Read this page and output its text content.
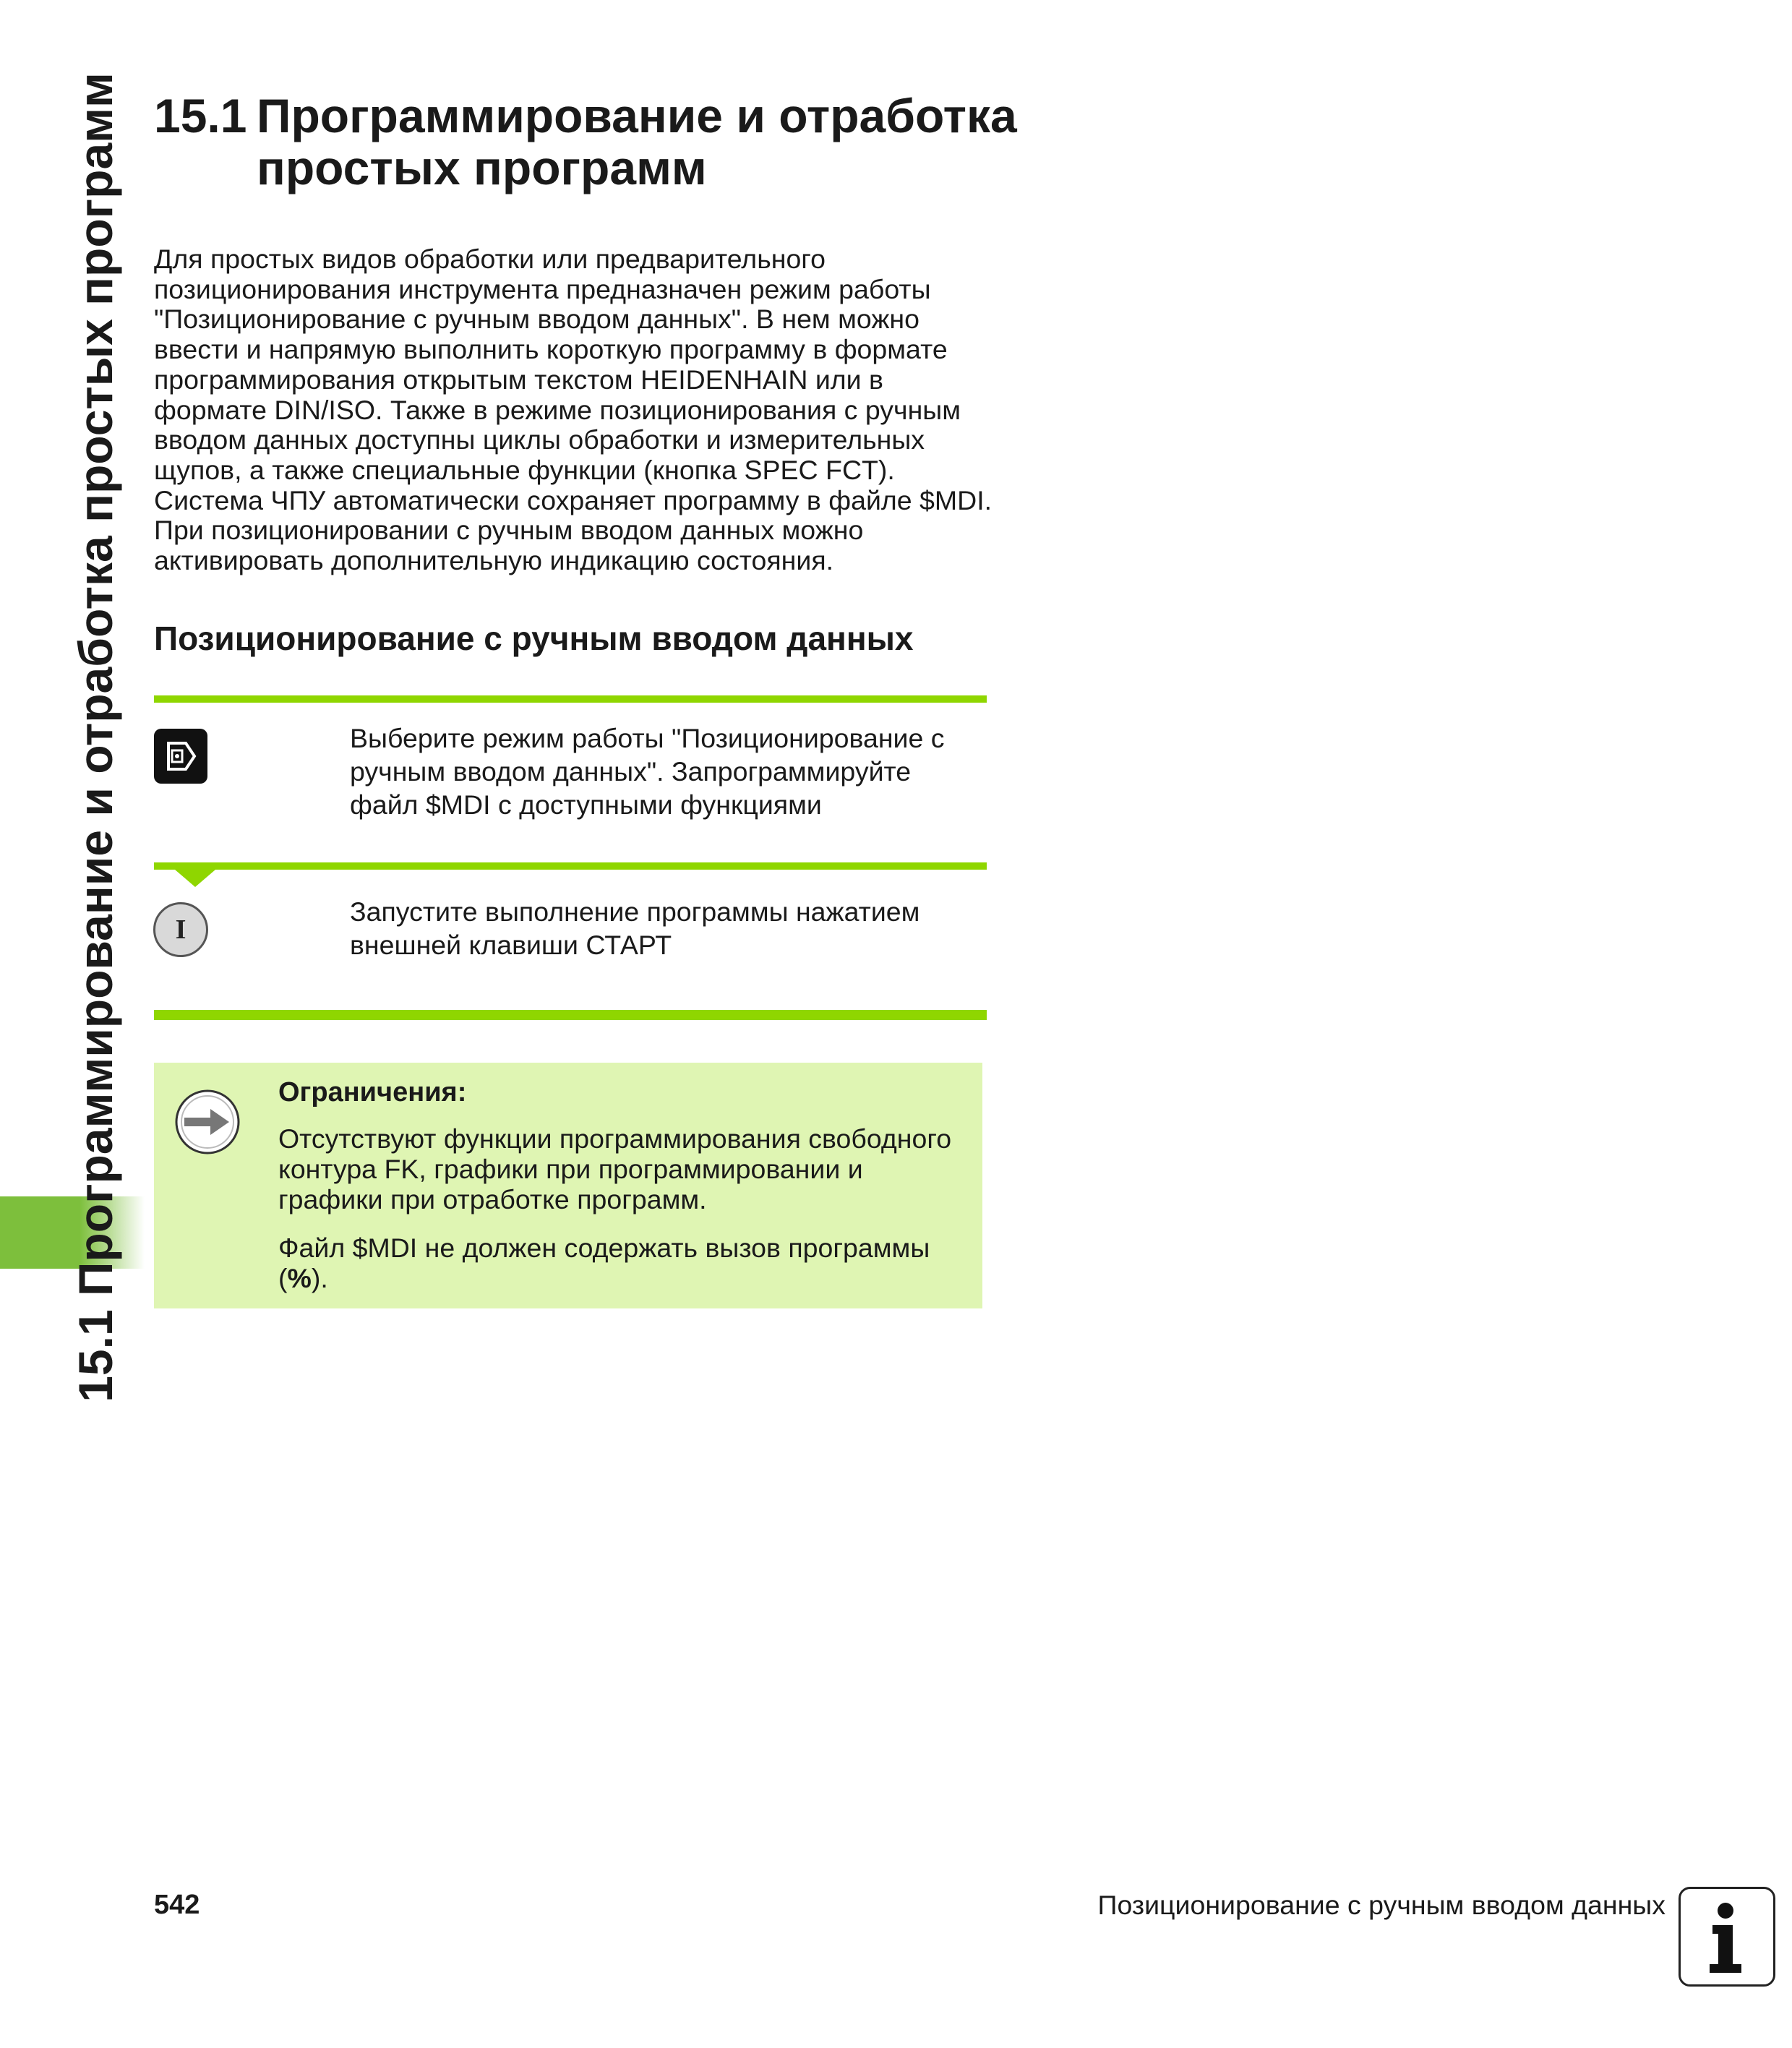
15.1 Программирование и отработка простых программ 15.1 Программирование и отработка простых программ
Для простых видов обработки или предварительного позиционирования инструмента предназначен режим работы "Позиционирование с ручным вводом данных". В нем можно ввести и напрямую выполнить короткую программу в формате программирования открытым текстом HEIDENHAIN или в формате DIN/ISO. Также в режиме позиционирования с ручным вводом данных доступны циклы обработки и измерительных щупов, а также специальные функции (кнопка SPEC FCT). Система ЧПУ автоматически сохраняет программу в файле $MDI. При позиционировании с ручным вводом данных можно активировать дополнительную индикацию состояния.
Позиционирование с ручным вводом данных
Выберите режим работы "Позиционирование с ручным вводом данных". Запрограммируйте файл $MDI с доступными функциями
I
Запустите выполнение программы нажатием внешней клавиши СТАРТ
Ограничения:
Отсутствуют функции программирования свободного контура FK, графики при программировании и графики при отработке программ.
Файл $MDI не должен содержать вызов программы (%).
542	Позиционирование с ручным вводом данных
